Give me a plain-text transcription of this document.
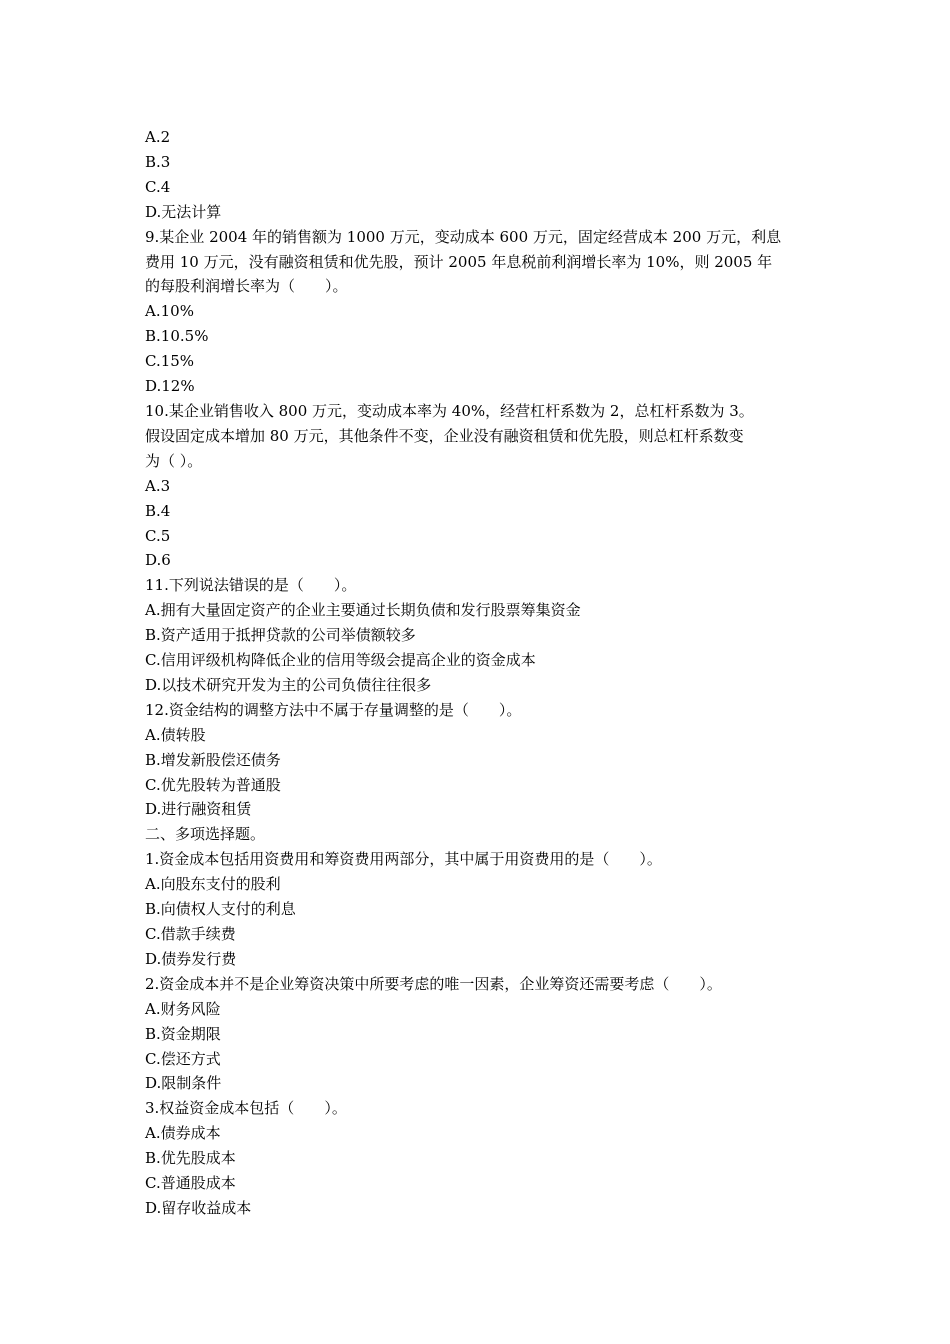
A.2
B.3
C.4
D.无法计算
9.某企业 2004 年的销售额为 1000 万元，变动成本 600 万元，固定经营成本 200 万元，利息
费用 10 万元，没有融资租赁和优先股，预计 2005 年息税前利润增长率为 10%，则 2005 年
的每股利润增长率为（　　）。
A.10%
B.10.5%
C.15%
D.12%
10.某企业销售收入 800 万元，变动成本率为 40%，经营杠杆系数为 2，总杠杆系数为 3。
假设固定成本增加 80 万元，其他条件不变，企业没有融资租赁和优先股，则总杠杆系数变
为（ ）。
A.3
B.4
C.5
D.6
11.下列说法错误的是（　　）。
A.拥有大量固定资产的企业主要通过长期负债和发行股票筹集资金
B.资产适用于抵押贷款的公司举债额较多
C.信用评级机构降低企业的信用等级会提高企业的资金成本
D.以技术研究开发为主的公司负债往往很多
12.资金结构的调整方法中不属于存量调整的是（　　）。
A.债转股
B.增发新股偿还债务
C.优先股转为普通股
D.进行融资租赁
二、多项选择题。
1.资金成本包括用资费用和筹资费用两部分，其中属于用资费用的是（　　）。
A.向股东支付的股利
B.向债权人支付的利息
C.借款手续费
D.债券发行费
2.资金成本并不是企业筹资决策中所要考虑的唯一因素，企业筹资还需要考虑（　　）。
A.财务风险
B.资金期限
C.偿还方式
D.限制条件
3.权益资金成本包括（　　）。
A.债券成本
B.优先股成本
C.普通股成本
D.留存收益成本
